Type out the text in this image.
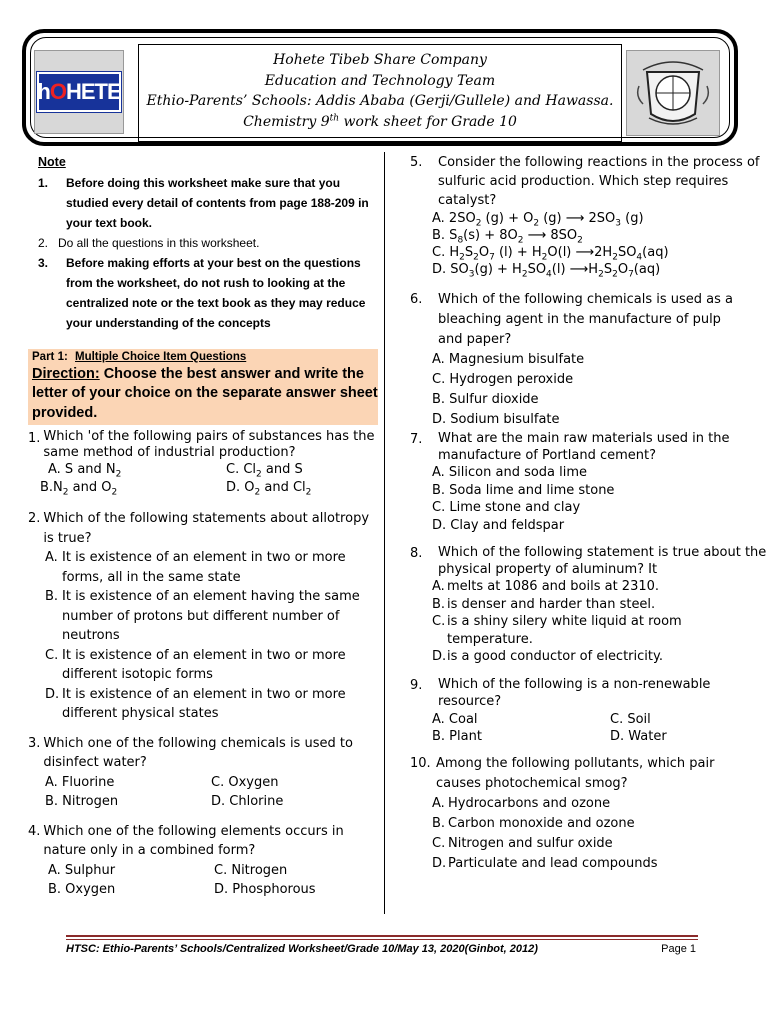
h O HETE
Hohete Tibeb Share Company
Education and Technology Team
Ethio-Parents’ Schools: Addis Ababa (Gerji/Gullele) and Hawassa.
Chemistry 9th work sheet for Grade 10
Note
1.	Before doing this worksheet make sure that you studied every detail of contents from page 188-209 in your text book.
2. Do all the questions in this worksheet.
3.	Before making efforts at your best on the questions from the worksheet, do not rush to looking at the centralized note or the text book as they may reduce your understanding of the concepts
Part 1: Multiple Choice Item Questions
Direction: Choose the best answer and write the letter of your choice on the separate answer sheet provided.
1. Which 'of the following pairs of substances has the same method of industrial production?
A. S and $N_2$	C. $Cl_2$ and S
$B.N_2$ and $O_2$	D. $O_2$ and $Cl_2$
2. Which of the following statements about allotropy is true?
A. It is existence of an element in two or more forms, all in the same state
B. It is existence of an element having the same number of protons but different number of neutrons
C. It is existence of an element in two or more different isotopic forms
D. It is existence of an element in two or more different physical states
3. Which one of the following chemicals is used to disinfect water?
A. Fluorine	C. Oxygen
B. Nitrogen	D. Chlorine
4. Which one of the following elements occurs in nature only in a combined form?
A. Sulphur	C. Nitrogen
B. Oxygen	D. Phosphorous
5.	Consider the following reactions in the process of sulfuric acid production. Which step requires catalyst?
A. $2SO_2$ $(g) + O_2$ (g) ⟶ $2SO_3$ (g)
B. $S_8(s) + 8O_2$ ⟶ $8SO_2$
C. $H_2S_2O_7$ $(l) + H_2O(l)$ $⟶2H_2SO_4(aq)$
D. $SO_3(g) + H_2SO_4(l)$ $⟶H_2S_2O_7(aq)$
6.	Which of the following chemicals is used as a bleaching agent in the manufacture of pulp and paper?
A. Magnesium bisulfate
C. Hydrogen peroxide
B. Sulfur dioxide
D. Sodium bisulfate
7.	What are the main raw materials used in the manufacture of Portland cement?
A. Silicon and soda lime
B. Soda lime and lime stone
C. Lime stone and clay
D. Clay and feldspar
8.	Which of the following statement is true about the physical property of aluminum? It
A. melts at 1086 and boils at 2310.
B. is denser and harder than steel.
C. is a shiny silery white liquid at room temperature.
D. is a good conductor of electricity.
9.	Which of the following is a non-renewable resource?
A. Coal	C. Soil
B. Plant	D. Water
10. Among the following pollutants, which pair causes photochemical smog?
A. Hydrocarbons and ozone
B. Carbon monoxide and ozone
C. Nitrogen and sulfur oxide
D. Particulate and lead compounds
HTSC: Ethio-Parents’ Schools/Centralized Worksheet/Grade 10/May 13, 2020(Ginbot, 2012)	Page 1
